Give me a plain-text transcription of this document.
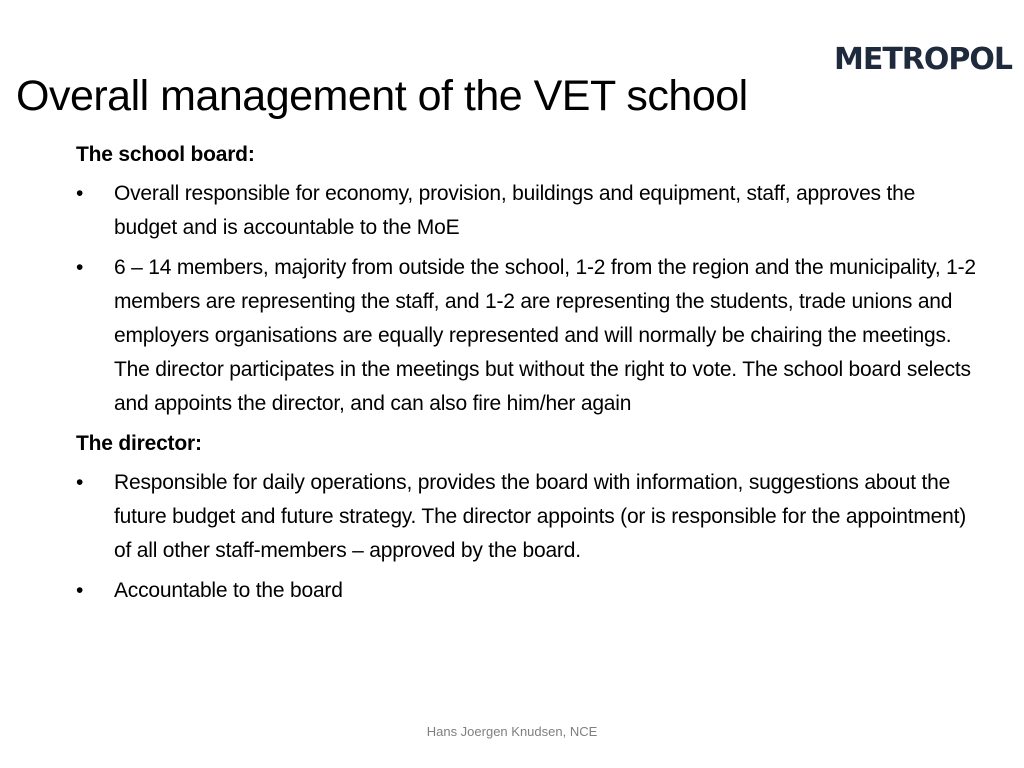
METROPOL
Overall management of the VET school

The school board:

• Overall responsible for economy, provision, buildings and equipment, staff, approves the budget and is accountable to the MoE
• 6 – 14 members, majority from outside the school, 1-2 from the region and the municipality, 1-2 members are representing the staff, and 1-2 are representing the students, trade unions and employers organisations are equally represented and will normally be chairing the meetings. The director participates in the meetings but without the right to vote. The school board selects and appoints the director, and can also fire him/her again

The director:

• Responsible for daily operations, provides the board with information, suggestions about the future budget and future strategy. The director appoints (or is responsible for the appointment) of all other staff-members – approved by the board.
• Accountable to the board
Hans Joergen Knudsen, NCE
